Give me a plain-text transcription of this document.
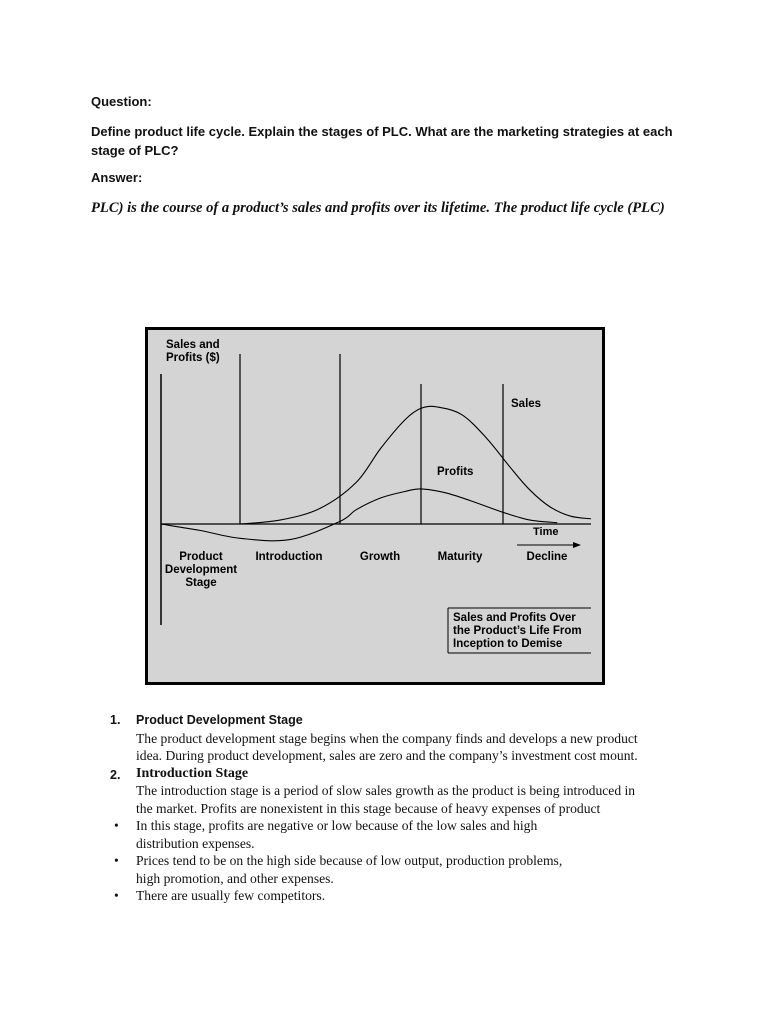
Question:
Define product life cycle. Explain the stages of PLC. What are the marketing strategies at each stage of PLC?
Answer:
PLC) is the course of a product’s sales and profits over its lifetime. The product life cycle (PLC)
Sales and
Profits ($)
Sales
Profits
Time
Product
Development
Stage
Introduction	Growth	Maturity	Decline
Sales and Profits Over
the Product’s Life From
Inception to Demise
1.	Product Development Stage
The product development stage begins when the company finds and develops a new product
idea. During product development, sales are zero and the company’s investment cost mount.
2.	Introduction Stage
The introduction stage is a period of slow sales growth as the product is being introduced in
the market. Profits are nonexistent in this stage because of heavy expenses of product
• In this stage, profits are negative or low because of the low sales and high
distribution expenses.
• Prices tend to be on the high side because of low output, production problems,
high promotion, and other expenses.
• There are usually few competitors.
